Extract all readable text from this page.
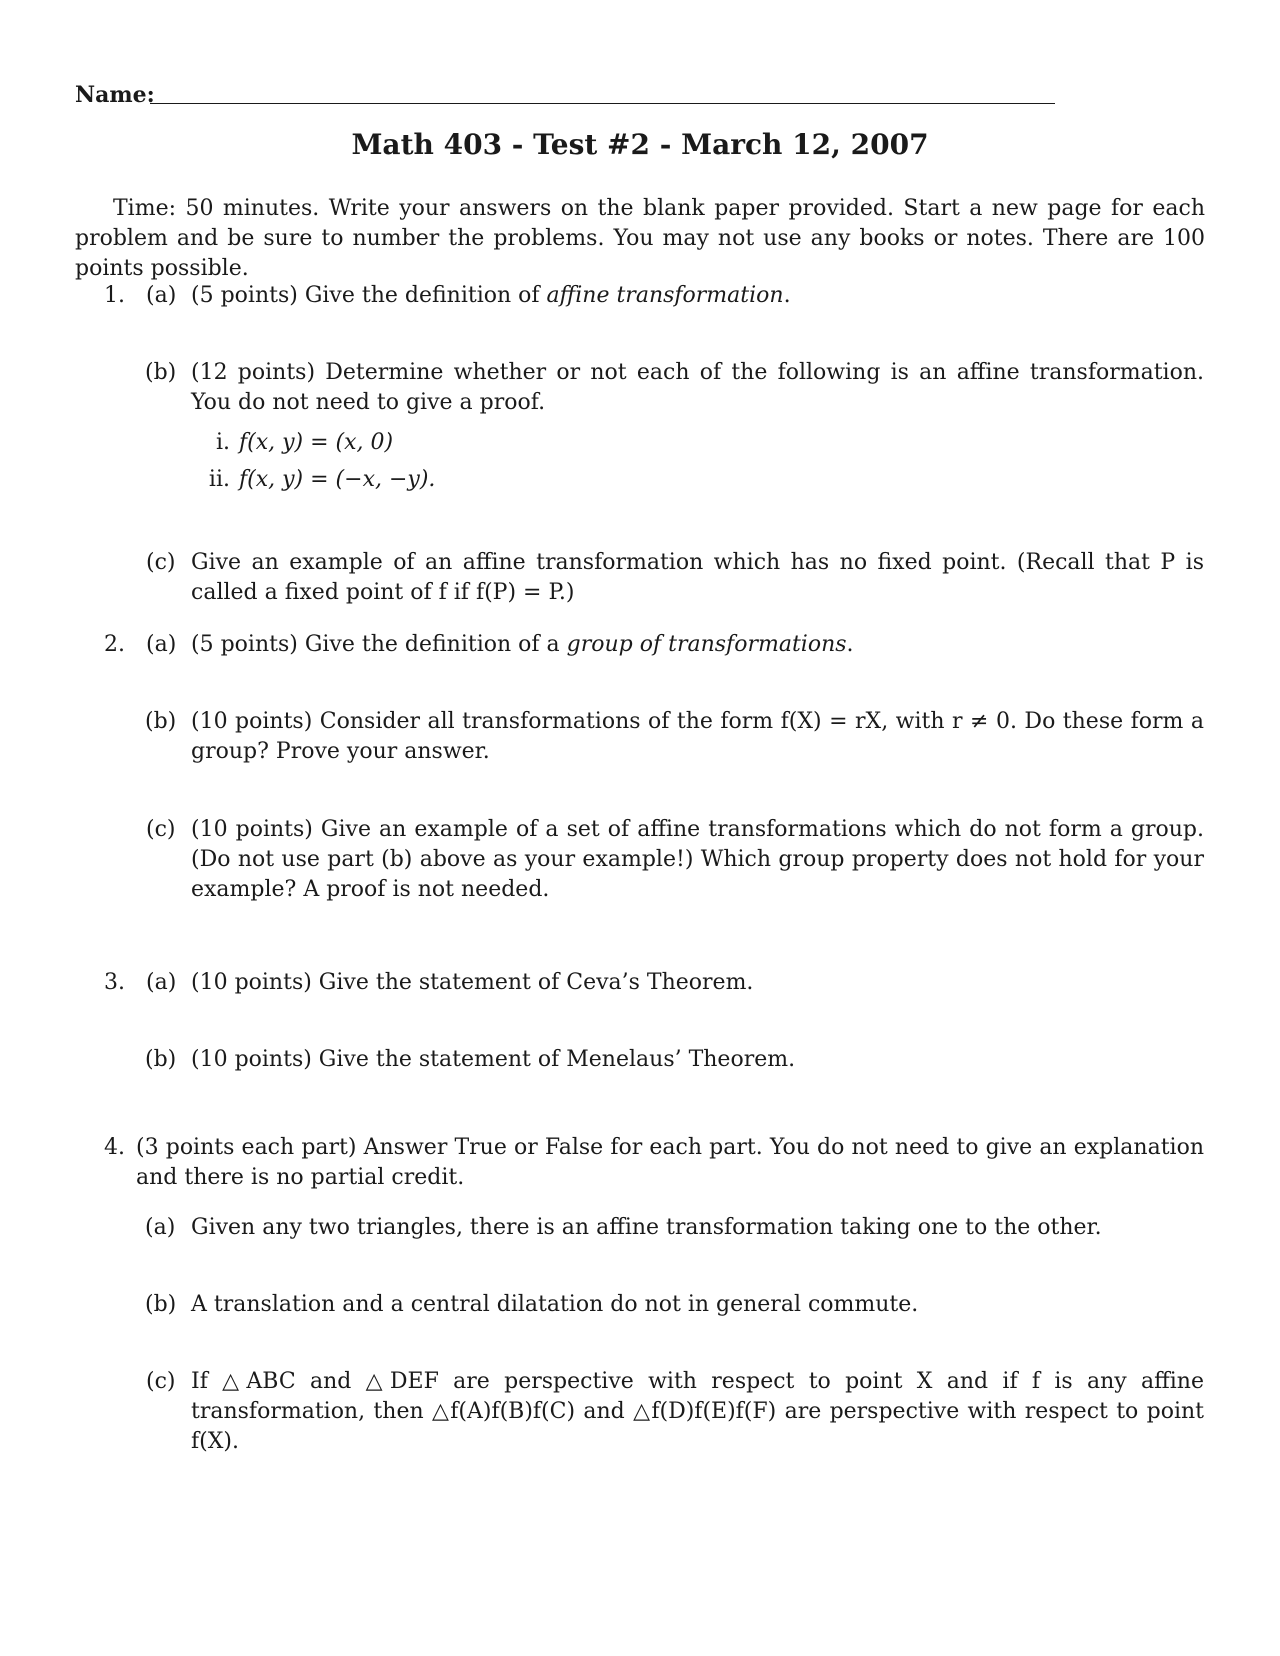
Name:
Math 403 - Test #2 - March 12, 2007
Time: 50 minutes. Write your answers on the blank paper provided. Start a new page for each problem and be sure to number the problems. You may not use any books or notes. There are 100 points possible.
1. (a) (5 points) Give the definition of affine transformation.
(b) (12 points) Determine whether or not each of the following is an affine transformation. You do not need to give a proof.
i. f(x, y) = (x, 0)
ii. f(x, y) = (−x, −y).
(c) Give an example of an affine transformation which has no fixed point. (Recall that P is called a fixed point of f if f(P) = P.)
2. (a) (5 points) Give the definition of a group of transformations.
(b) (10 points) Consider all transformations of the form f(X) = rX, with r ≠ 0. Do these form a group? Prove your answer.
(c) (10 points) Give an example of a set of affine transformations which do not form a group. (Do not use part (b) above as your example!) Which group property does not hold for your example? A proof is not needed.
3. (a) (10 points) Give the statement of Ceva’s Theorem.
(b) (10 points) Give the statement of Menelaus’ Theorem.
4. (3 points each part) Answer True or False for each part. You do not need to give an explanation and there is no partial credit.
(a) Given any two triangles, there is an affine transformation taking one to the other.
(b) A translation and a central dilatation do not in general commute.
(c) If △ABC and △DEF are perspective with respect to point X and if f is any affine transformation, then △f(A)f(B)f(C) and △f(D)f(E)f(F) are perspective with respect to point f(X).
